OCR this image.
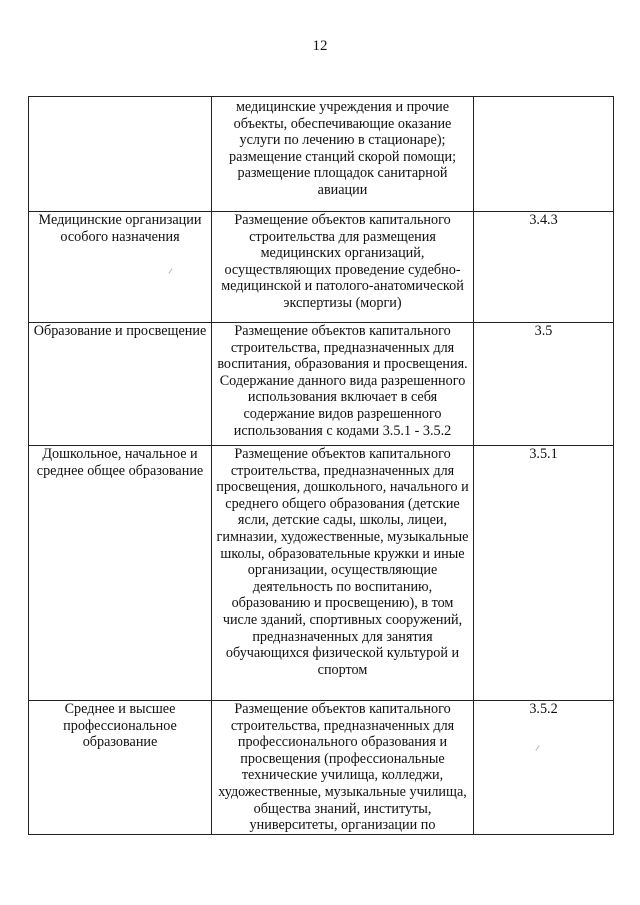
12
	медицинские учреждения и прочие объекты, обеспечивающие оказание услуги по лечению в стационаре); размещение станций скорой помощи; размещение площадок санитарной авиации	
Медицинские организации особого назначения	Размещение объектов капитального строительства для размещения медицинских организаций, осуществляющих проведение судебно-медицинской и патолого-анатомической экспертизы (морги)	3.4.3
Образование и просвещение	Размещение объектов капитального строительства, предназначенных для воспитания, образования и просвещения. Содержание данного вида разрешенного использования включает в себя содержание видов разрешенного использования с кодами 3.5.1 - 3.5.2	3.5
Дошкольное, начальное и среднее общее образование	Размещение объектов капитального строительства, предназначенных для просвещения, дошкольного, начального и среднего общего образования (детские ясли, детские сады, школы, лицеи, гимназии, художественные, музыкальные школы, образовательные кружки и иные организации, осуществляющие деятельность по воспитанию, образованию и просвещению), в том числе зданий, спортивных сооружений, предназначенных для занятия обучающихся физической культурой и спортом	3.5.1
Среднее и высшее профессиональное образование	Размещение объектов капитального строительства, предназначенных для профессионального образования и просвещения (профессиональные технические училища, колледжи, художественные, музыкальные училища, общества знаний, институты, университеты, организации по	3.5.2
